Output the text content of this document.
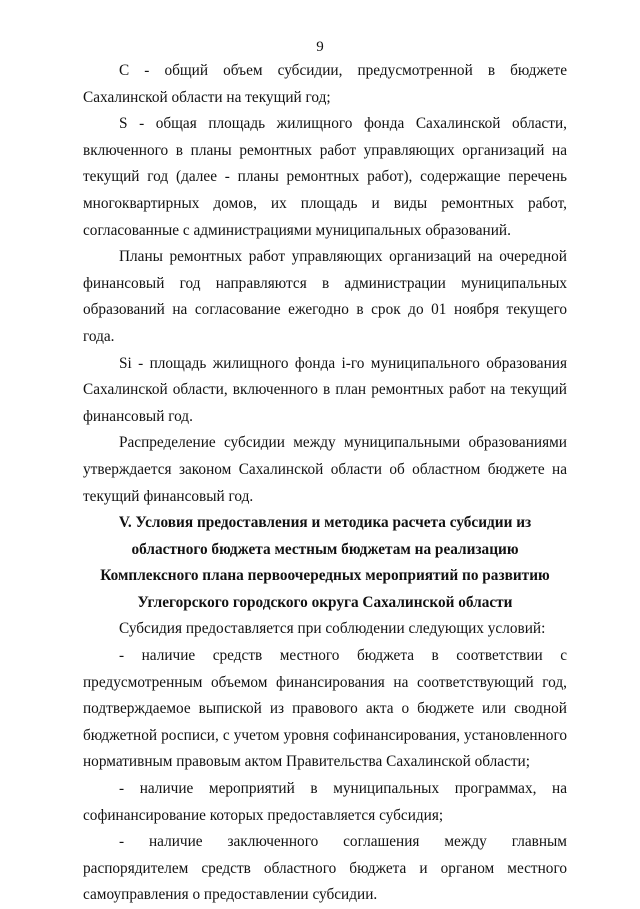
9

С - общий объем субсидии, предусмотренной в бюджете Сахалинской области на текущий год;

S - общая площадь жилищного фонда Сахалинской области, включенного в планы ремонтных работ управляющих организаций на текущий год (далее - планы ремонтных работ), содержащие перечень многоквартирных домов, их площадь и виды ремонтных работ, согласованные с администрациями муниципальных образований.

Планы ремонтных работ управляющих организаций на очередной финансовый год направляются в администрации муниципальных образований на согласование ежегодно в срок до 01 ноября текущего года.

Si - площадь жилищного фонда i-го муниципального образования Сахалинской области, включенного в план ремонтных работ на текущий финансовый год.

Распределение субсидии между муниципальными образованиями утверждается законом Сахалинской области об областном бюджете на текущий финансовый год.

V. Условия предоставления и методика расчета субсидии из областного бюджета местным бюджетам на реализацию Комплексного плана первоочередных мероприятий по развитию Углегорского городского округа Сахалинской области

Субсидия предоставляется при соблюдении следующих условий:

- наличие средств местного бюджета в соответствии с предусмотренным объемом финансирования на соответствующий год, подтверждаемое выпиской из правового акта о бюджете или сводной бюджетной росписи, с учетом уровня софинансирования, установленного нормативным правовым актом Правительства Сахалинской области;

- наличие мероприятий в муниципальных программах, на софинансирование которых предоставляется субсидия;

- наличие заключенного соглашения между главным распорядителем средств областного бюджета и органом местного самоуправления о предоставлении субсидии.
